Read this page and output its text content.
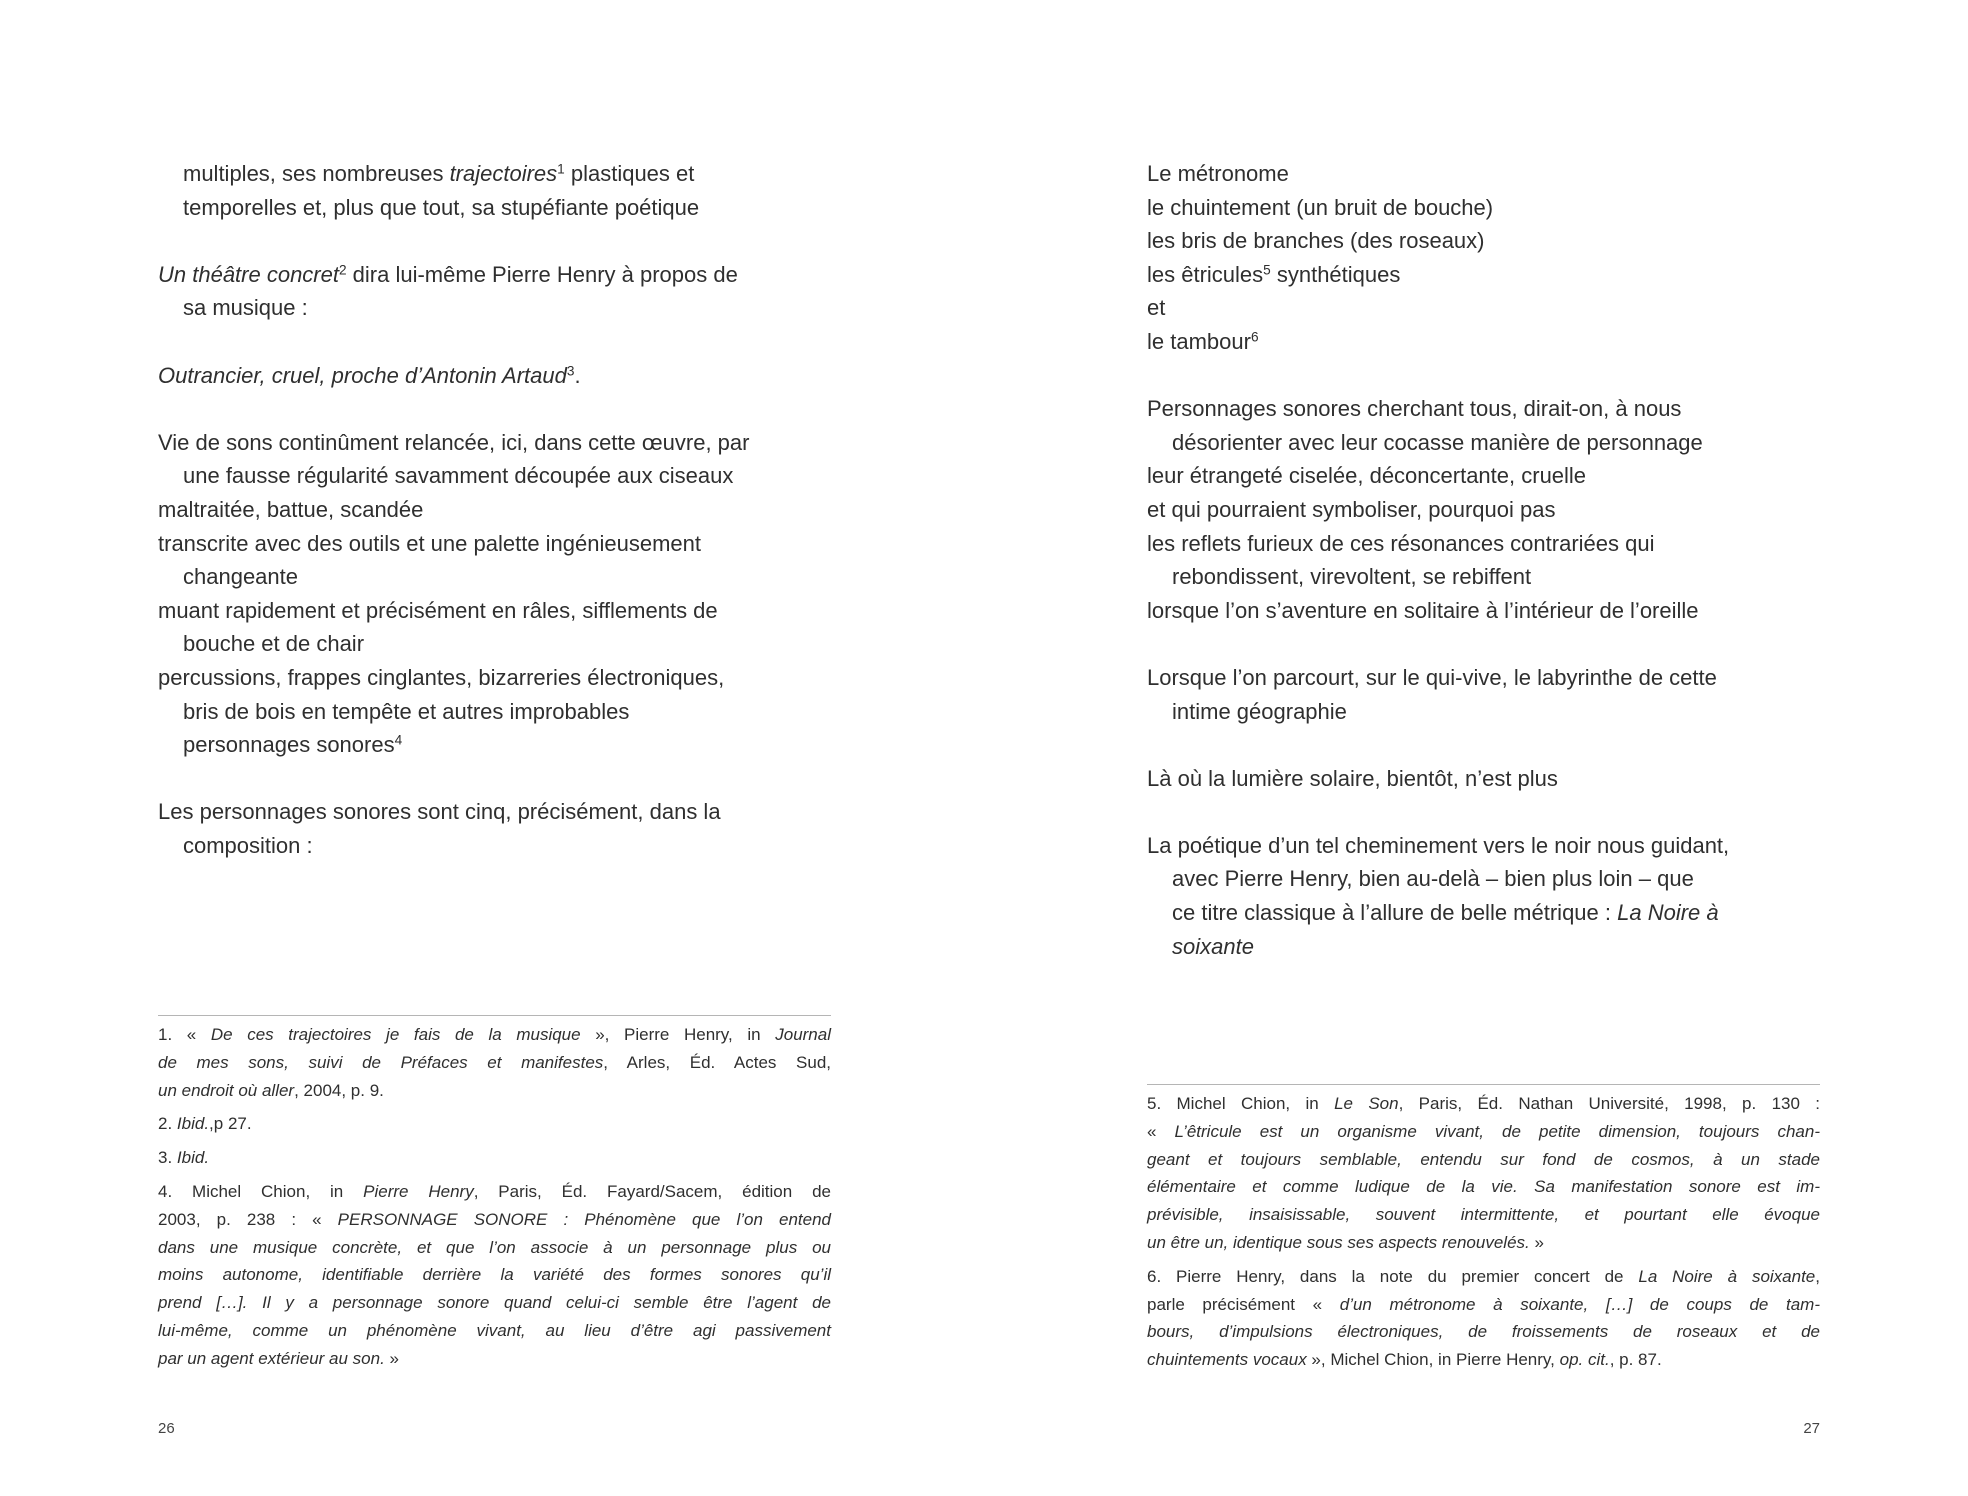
multiples, ses nombreuses trajectoires$^1$ plastiques et
temporelles et, plus que tout, sa stupéfiante poétique
Un théâtre concret$^2$ dira lui-même Pierre Henry à propos de
sa musique :
Outrancier, cruel, proche d’Antonin Artaud$^3$.
Vie de sons continûment relancée, ici, dans cette œuvre, par
une fausse régularité savamment découpée aux ciseaux
maltraitée, battue, scandée
transcrite avec des outils et une palette ingénieusement
changeante
muant rapidement et précisément en râles, sifflements de
bouche et de chair
percussions, frappes cinglantes, bizarreries électroniques,
bris de bois en tempête et autres improbables
personnages sonores$^4$
Les personnages sonores sont cinq, précisément, dans la
composition :
1. « De ces trajectoires je fais de la musique », Pierre Henry, in Journal
de mes sons, suivi de Préfaces et manifestes, Arles, Éd. Actes Sud,
un endroit où aller, 2004, p. 9.
2. Ibid.,p 27.
3. Ibid.
4. Michel Chion, in Pierre Henry, Paris, Éd. Fayard/Sacem, édition de
2003, p. 238 : « PERSONNAGE SONORE : Phénomène que l’on entend
dans une musique concrète, et que l’on associe à un personnage plus ou
moins autonome, identifiable derrière la variété des formes sonores qu’il
prend […]. Il y a personnage sonore quand celui-ci semble être l’agent de
lui-même, comme un phénomène vivant, au lieu d’être agi passivement
par un agent extérieur au son. »
26
Le métronome
le chuintement (un bruit de bouche)
les bris de branches (des roseaux)
les êtricules$^5$ synthétiques
et
le tambour$^6$
Personnages sonores cherchant tous, dirait-on, à nous
désorienter avec leur cocasse manière de personnage
leur étrangeté ciselée, déconcertante, cruelle
et qui pourraient symboliser, pourquoi pas
les reflets furieux de ces résonances contrariées qui
rebondissent, virevoltent, se rebiffent
lorsque l’on s’aventure en solitaire à l’intérieur de l’oreille
Lorsque l’on parcourt, sur le qui-vive, le labyrinthe de cette
intime géographie
Là où la lumière solaire, bientôt, n’est plus
La poétique d’un tel cheminement vers le noir nous guidant,
avec Pierre Henry, bien au-delà – bien plus loin – que
ce titre classique à l’allure de belle métrique : La Noire à
soixante
5. Michel Chion, in Le Son, Paris, Éd. Nathan Université, 1998, p. 130 :
« L’êtricule est un organisme vivant, de petite dimension, toujours chan-
geant et toujours semblable, entendu sur fond de cosmos, à un stade
élémentaire et comme ludique de la vie. Sa manifestation sonore est im-
prévisible, insaisissable, souvent intermittente, et pourtant elle évoque
un être un, identique sous ses aspects renouvelés. »
6. Pierre Henry, dans la note du premier concert de La Noire à soixante,
parle précisément « d’un métronome à soixante, […] de coups de tam-
bours, d’impulsions électroniques, de froissements de roseaux et de
chuintements vocaux », Michel Chion, in Pierre Henry, op. cit., p. 87.
27
